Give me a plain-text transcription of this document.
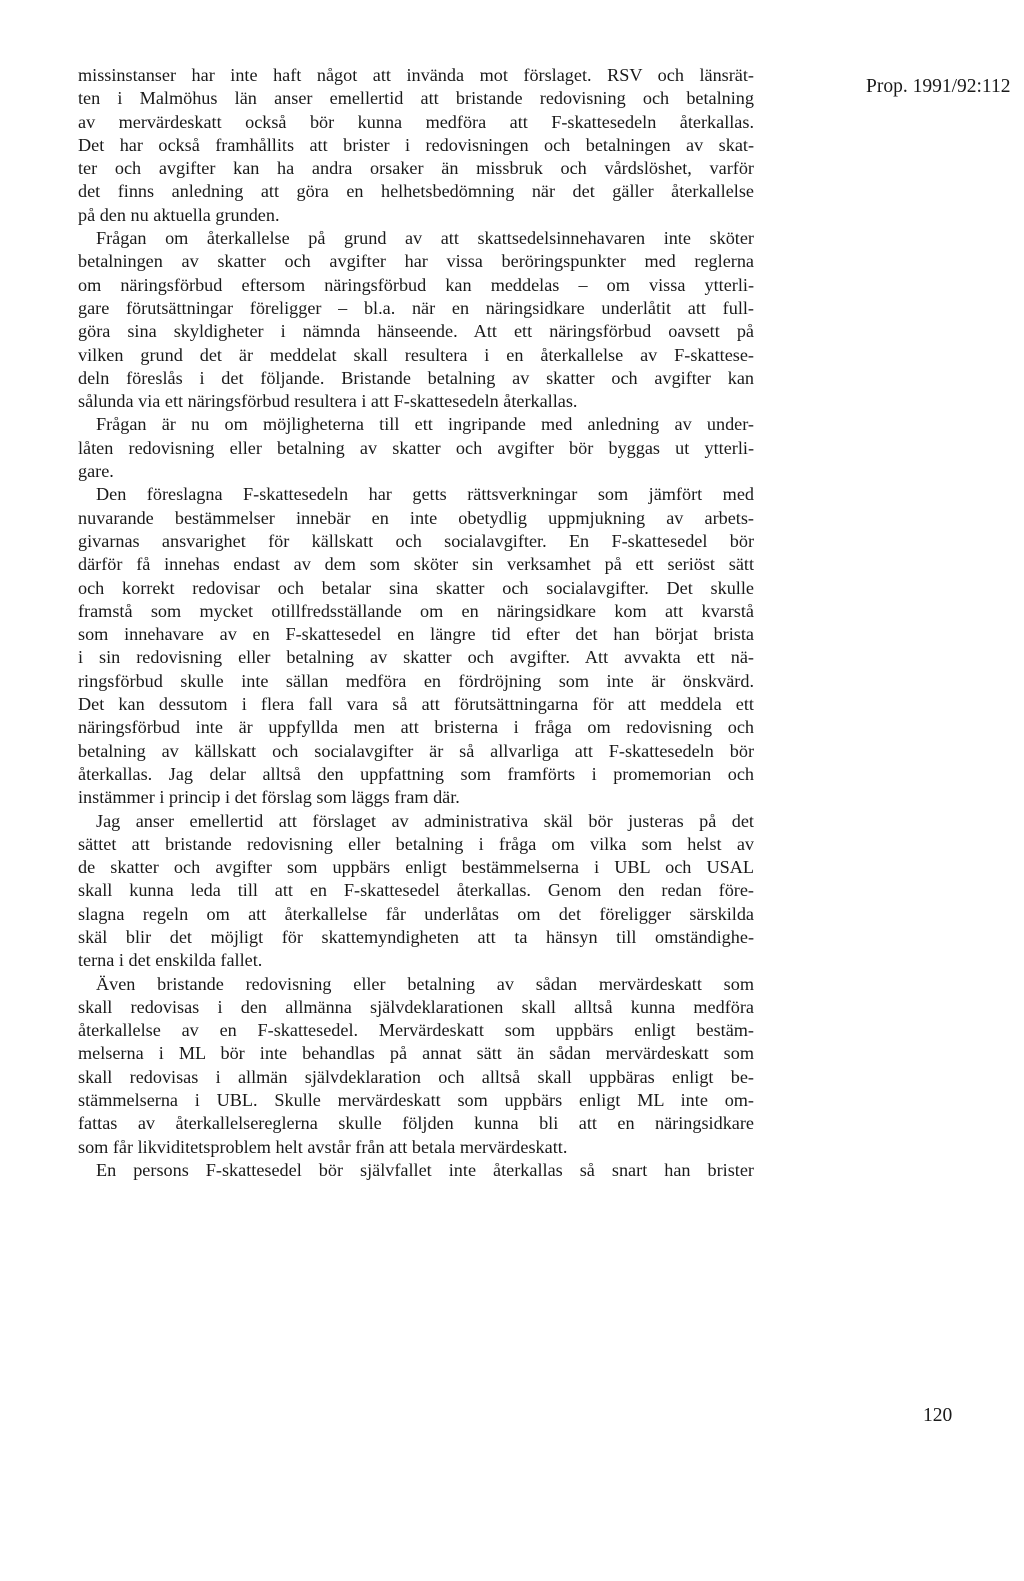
Prop. 1991/92:112
missinstanser har inte haft något att invända mot förslaget. RSV och länsrät-
ten i Malmöhus län anser emellertid att bristande redovisning och betalning
av mervärdeskatt också bör kunna medföra att F-skattesedeln återkallas.
Det har också framhållits att brister i redovisningen och betalningen av skat-
ter och avgifter kan ha andra orsaker än missbruk och vårdslöshet, varför
det finns anledning att göra en helhetsbedömning när det gäller återkallelse
på den nu aktuella grunden.
Frågan om återkallelse på grund av att skattsedelsinnehavaren inte sköter
betalningen av skatter och avgifter har vissa beröringspunkter med reglerna
om näringsförbud eftersom näringsförbud kan meddelas – om vissa ytterli-
gare förutsättningar föreligger – bl.a. när en näringsidkare underlåtit att full-
göra sina skyldigheter i nämnda hänseende. Att ett näringsförbud oavsett på
vilken grund det är meddelat skall resultera i en återkallelse av F-skattese-
deln föreslås i det följande. Bristande betalning av skatter och avgifter kan
sålunda via ett näringsförbud resultera i att F-skattesedeln återkallas.
Frågan är nu om möjligheterna till ett ingripande med anledning av under-
låten redovisning eller betalning av skatter och avgifter bör byggas ut ytterli-
gare.
Den föreslagna F-skattesedeln har getts rättsverkningar som jämfört med
nuvarande bestämmelser innebär en inte obetydlig uppmjukning av arbets-
givarnas ansvarighet för källskatt och socialavgifter. En F-skattesedel bör
därför få innehas endast av dem som sköter sin verksamhet på ett seriöst sätt
och korrekt redovisar och betalar sina skatter och socialavgifter. Det skulle
framstå som mycket otillfredsställande om en näringsidkare kom att kvarstå
som innehavare av en F-skattesedel en längre tid efter det han börjat brista
i sin redovisning eller betalning av skatter och avgifter. Att avvakta ett nä-
ringsförbud skulle inte sällan medföra en fördröjning som inte är önskvärd.
Det kan dessutom i flera fall vara så att förutsättningarna för att meddela ett
näringsförbud inte är uppfyllda men att bristerna i fråga om redovisning och
betalning av källskatt och socialavgifter är så allvarliga att F-skattesedeln bör
återkallas. Jag delar alltså den uppfattning som framförts i promemorian och
instämmer i princip i det förslag som läggs fram där.
Jag anser emellertid att förslaget av administrativa skäl bör justeras på det
sättet att bristande redovisning eller betalning i fråga om vilka som helst av
de skatter och avgifter som uppbärs enligt bestämmelserna i UBL och USAL
skall kunna leda till att en F-skattesedel återkallas. Genom den redan före-
slagna regeln om att återkallelse får underlåtas om det föreligger särskilda
skäl blir det möjligt för skattemyndigheten att ta hänsyn till omständighe-
terna i det enskilda fallet.
Även bristande redovisning eller betalning av sådan mervärdeskatt som
skall redovisas i den allmänna självdeklarationen skall alltså kunna medföra
återkallelse av en F-skattesedel. Mervärdeskatt som uppbärs enligt bestäm-
melserna i ML bör inte behandlas på annat sätt än sådan mervärdeskatt som
skall redovisas i allmän självdeklaration och alltså skall uppbäras enligt be-
stämmelserna i UBL. Skulle mervärdeskatt som uppbärs enligt ML inte om-
fattas av återkallelsereglerna skulle följden kunna bli att en näringsidkare
som får likviditetsproblem helt avstår från att betala mervärdeskatt.
En persons F-skattesedel bör självfallet inte återkallas så snart han brister
120
